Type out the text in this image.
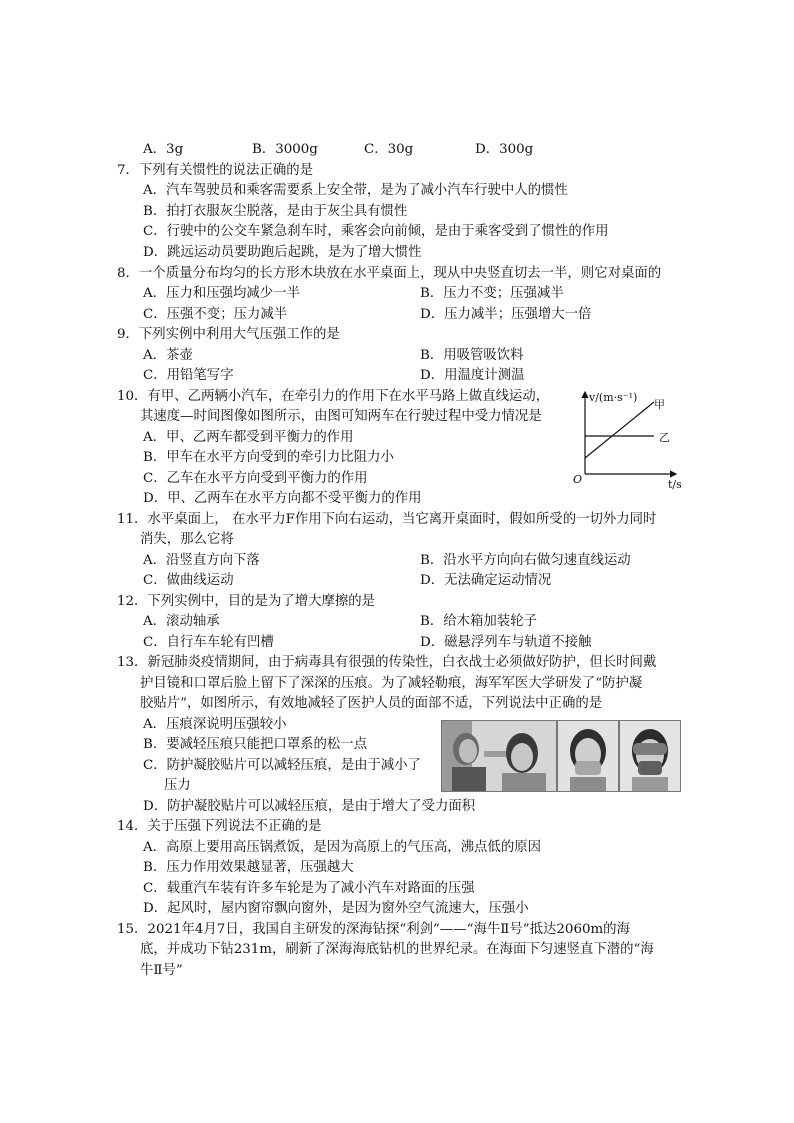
A．3g	B．3000g	C．30g	D．300g
7．下列有关惯性的说法正确的是
A．汽车驾驶员和乘客需要系上安全带，是为了减小汽车行驶中人的惯性
B．拍打衣服灰尘脱落，是由于灰尘具有惯性
C．行驶中的公交车紧急刹车时，乘客会向前倾，是由于乘客受到了惯性的作用
D．跳远运动员要助跑后起跳，是为了增大惯性
8．一个质量分布均匀的长方形木块放在水平桌面上，现从中央竖直切去一半，则它对桌面的
A．压力和压强均减少一半	B．压力不变；压强减半
C．压强不变；压力减半	D．压力减半；压强增大一倍
9．下列实例中利用大气压强工作的是
A．茶壶	B．用吸管吸饮料
C．用铅笔写字	D．用温度计测温
10．有甲、乙两辆小汽车，在牵引力的作用下在水平马路上做直线运动，
其速度—时间图像如图所示，由图可知两车在行驶过程中受力情况是
A．甲、乙两车都受到平衡力的作用
B．甲车在水平方向受到的牵引力比阻力小
C．乙车在水平方向受到平衡力的作用
D．甲、乙两车在水平方向都不受平衡力的作用
v/(m·s⁻¹)
t/s
O
甲
乙
11．水平桌面上， 在水平力F作用下向右运动，当它离开桌面时，假如所受的一切外力同时
消失，那么它将
A．沿竖直方向下落	B．沿水平方向向右做匀速直线运动
C．做曲线运动	D．无法确定运动情况
12．下列实例中，目的是为了增大摩擦的是
A．滚动轴承	B．给木箱加装轮子
C．自行车车轮有凹槽	D．磁悬浮列车与轨道不接触
13．新冠肺炎疫情期间，由于病毒具有很强的传染性，白衣战士必须做好防护，但长时间戴
护目镜和口罩后脸上留下了深深的压痕。为了减轻勒痕，海军军医大学研发了“防护凝
胶贴片”，如图所示，有效地减轻了医护人员的面部不适，下列说法中正确的是
A．压痕深说明压强较小
B．要减轻压痕只能把口罩系的松一点
C．防护凝胶贴片可以减轻压痕，是由于减小了
压力
D．防护凝胶贴片可以减轻压痕，是由于增大了受力面积
14．关于压强下列说法不正确的是
A．高原上要用高压锅煮饭，是因为高原上的气压高，沸点低的原因
B．压力作用效果越显著，压强越大
C．载重汽车装有许多车轮是为了减小汽车对路面的压强
D．起风时，屋内窗帘飘向窗外，是因为窗外空气流速大，压强小
15．2021年4月7日，我国自主研发的深海钻探“利剑”——“海牛Ⅱ号”抵达2060m的海
底，并成功下钻231m，刷新了深海海底钻机的世界纪录。在海面下匀速竖直下潜的“海
牛Ⅱ号”
